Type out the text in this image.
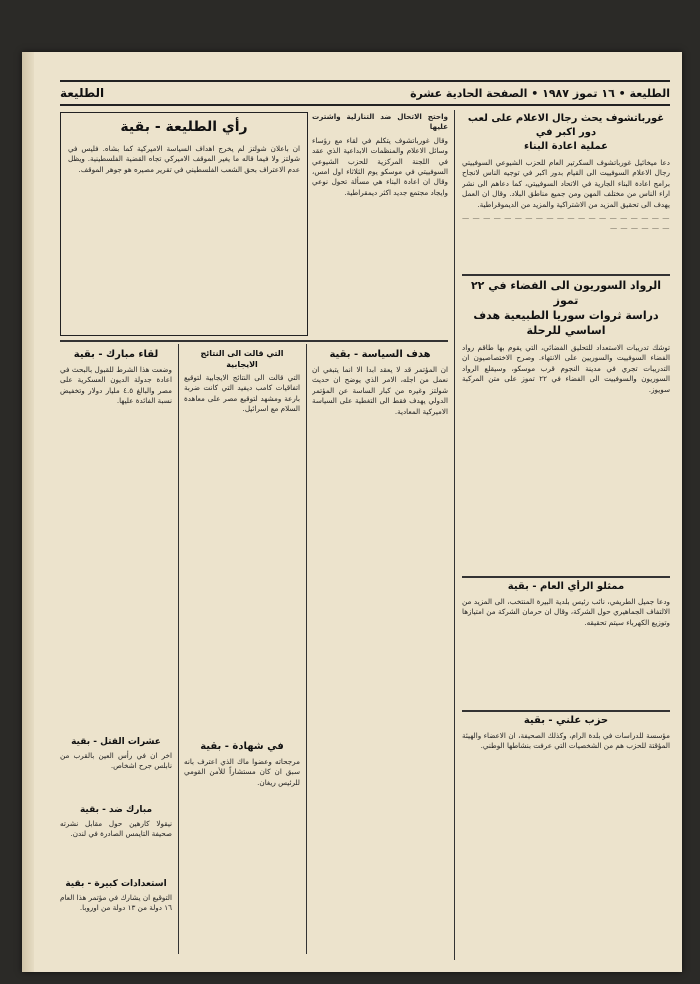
الطليعة • ١٦ تموز ١٩٨٧ • الصفحة الحادية عشرة
الطليعة
غورباتشوف يحث رجال الاعلام على لعب دور اكبر في
عملية اعادة البناء

دعا ميخائيل غورباتشوف السكرتير العام للحزب الشيوعي السوفييتي رجال الاعلام السوفييت الى القيام بدور اكبر في توجيه الناس لانجاح برامج اعادة البناء الجارية في الاتحاد السوفييتي، كما دعاهم الى نشر اراء الناس من مختلف المهن ومن جميع مناطق البلاد. وقال ان العمل يهدف الى تحقيق المزيد من الاشتراكية والمزيد من الديموقراطية.

— — — — — — — — — — — — — — — — — — — — — — — — — —

الرواد السوريون الى الفضاء في ٢٢ تموز
دراسة ثروات سوريا الطبيعية هدف اساسي للرحلة

توشك تدريبات الاستعداد للتحليق الفضائي، التي يقوم بها طاقم رواد الفضاء السوفييت والسوريين على الانتهاء. وصرح الاختصاصيون ان التدريبات تجري في مدينة النجوم قرب موسكو، وسيقلع الرواد السوريون والسوفييت الى الفضاء في ٢٢ تموز على متن المركبة سويوز.

ممثلو الرأي العام - بقية

ودعا جميل الطريفي، نائب رئيس بلدية البيرة المنتخب، الى المزيد من الالتفاف الجماهيري حول الشركة، وقال ان حرمان الشركة من امتيازها وتوزيع الكهرباء سيتم تحقيقه.

حزب علني - بقية

مؤسسة للدراسات في بلدة الرام، وكذلك الصحيفة، ان الاعضاء والهيئة المؤقتة للحزب هم من الشخصيات التي عرفت بنشاطها الوطني.

واحتج الاتحال ضد التنازلية واشترت عليها

وقال غورباتشوف يتكلم في لقاء مع رؤساء وسائل الاعلام والمنظمات الابداعية الذي عقد في اللجنة المركزية للحزب الشيوعي السوفييتي في موسكو يوم الثلاثاء اول امس، وقال ان اعادة البناء هي مسألة تحول نوعي وايجاد مجتمع جديد اكثر ديمقراطية.

رأي الطليعة - بقية

ان باعلان شولتز لم يخرج اهداف السياسة الاميركية كما بشاه. فليس في شولتز ولا فيما قاله ما يغير الموقف الاميركي تجاه القضية الفلسطينية. ويظل عدم الاعتراف بحق الشعب الفلسطيني في تقرير مصيره هو جوهر الموقف.

هدف السياسة - بقية

ان المؤتمر قد لا يعقد ابدا الا انما يتبغي ان نعمل من اجله، الامر الذي يوضح ان حديث شولتز وغيره من كبار الساسة عن المؤتمر الدولي يهدف فقط الى التغطية على السياسة الاميركية المعادية.

التي قالت الى النتائج الايجابية

التي قالت الى النتائج الايجابية لتوقيع اتفاقيات كامب ديفيد التي كانت ضربة بارعة ومشهد لتوقيع مصر على معاهدة السلام مع اسرائيل.

في شهادة - بقية

مرجحاته وعضوا ماك الذي اعترف بانه سبق ان كان مستشاراً للأمن القومي للرئيس ريغان.

لقاء مبارك - بقية

وضعت هذا الشرط للقبول بالبحث في اعادة جدولة الديون العسكرية على مصر والبالغ ٤.٥ مليار دولار وتخفيض نسبة الفائدة عليها.

عشرات القتل - بقية

اخر ان في رأس العين بالقرب من نابلس جرح اشخاص.

مبارك ضد - بقية

نيقولا كارهين حول مقابل نشرته صحيفة التايمس الصادرة في لندن.

استعدادات كبيرة - بقية

التوقيع ان يشارك في مؤتمر هذا العام ١٦ دولة من ١٣ دولة من اوروبا.
